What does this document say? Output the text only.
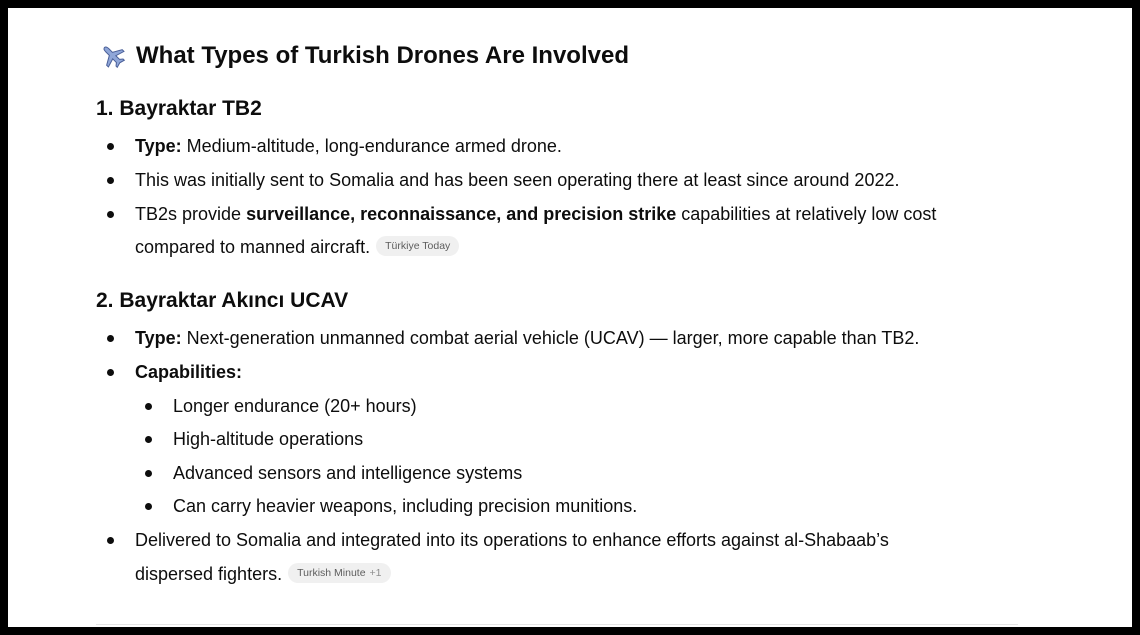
What Types of Turkish Drones Are Involved
1. Bayraktar TB2
Type: Medium-altitude, long-endurance armed drone.
This was initially sent to Somalia and has been seen operating there at least since around 2022.
TB2s provide surveillance, reconnaissance, and precision strike capabilities at relatively low cost
compared to manned aircraft. Türkiye Today
2. Bayraktar Akıncı UCAV
Type: Next-generation unmanned combat aerial vehicle (UCAV) — larger, more capable than TB2.
Capabilities:
Longer endurance (20+ hours)
High-altitude operations
Advanced sensors and intelligence systems
Can carry heavier weapons, including precision munitions.
Delivered to Somalia and integrated into its operations to enhance efforts against al-Shabaab’s
dispersed fighters. Turkish Minute +1
